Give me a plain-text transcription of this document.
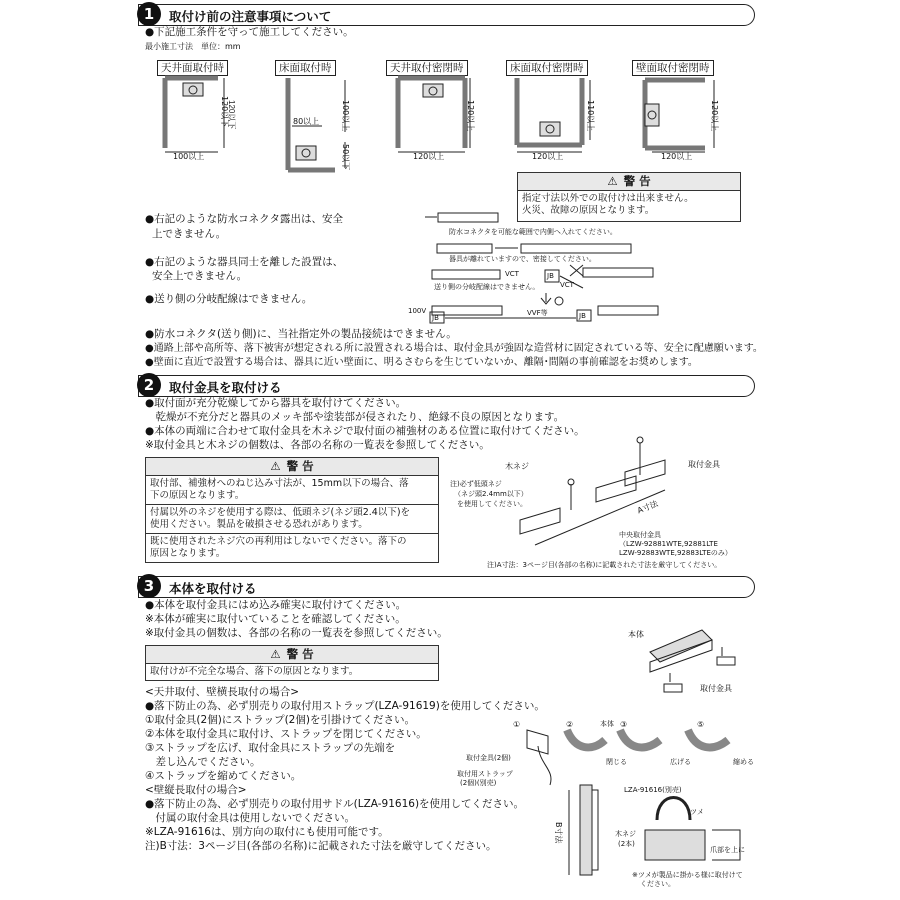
1	取付け前の注意事項について
●下記施工条件を守って施工してください。
最小施工寸法　単位：mm
天井面取付時	床面取付時	天井取付密閉時	床面取付密閉時	壁面取付密閉時
120以下
100以上
120以下	80以上	100以上
50以下
120以上
120以上
110以上
120以上
120以上
120以上
⚠ 警 告
指定寸法以外での取付けは出来ません。
火災、故障の原因となります。
●右記のような防水コネクタ露出は、安全
上できません。
●右記のような器具同士を離した設置は、
安全上できません。
●送り側の分岐配線はできません。
防水コネクタを可能な範囲で内側へ入れてください。
器具が離れていますので、密接してください。
送り側の分岐配線はできません。
VCT	JB
VCT
100V
JB
VVF等	JB
●防水コネクタ(送り側)に、当社指定外の製品接続はできません。
●通路上部や高所等、落下被害が想定される所に設置される場合は、取付金具が強固な造営材に固定されている等、安全に配慮願います。
●壁面に直近で設置する場合は、器具に近い壁面に、明るさむらを生じていないか、離隔･間隔の事前確認をお奨めします。
2	取付金具を取付ける
●取付面が充分乾燥してから器具を取付けてください。
　乾燥が不充分だと器具のメッキ部や塗装部が侵されたり、絶縁不良の原因となります。
●本体の両端に合わせて取付金具を木ネジで取付面の補強材のある位置に取付けてください。
※取付金具と木ネジの個数は、各部の名称の一覧表を参照してください。
⚠ 警 告
取付部、補強材へのねじ込み寸法が、15mm以下の場合、落
下の原因となります。
付属以外のネジを使用する際は、低頭ネジ(ネジ頭2.4以下)を
使用ください。製品を破損させる恐れがあります。
既に使用されたネジ穴の再利用はしないでください。落下の
原因となります。
木ネジ	取付金具
注)必ず低頭ネジ
（ネジ頭2.4mm以下）
を使用してください。	A寸法
中央取付金具
（LZW-92881WTE,92881LTE
LZW-92883WTE,92883LTEのみ）
注)A寸法：3ページ目(各部の名称)に記載された寸法を厳守してください。
3	本体を取付ける
●本体を取付金具にはめ込み確実に取付けてください。
※本体が確実に取付いていることを確認してください。
※取付金具の個数は、各部の名称の一覧表を参照してください。
⚠ 警 告
取付けが不完全な場合、落下の原因となります。
本体
取付金具
<天井取付、壁横長取付の場合>
●落下防止の為、必ず別売りの取付用ストラップ(LZA-91619)を使用してください。
①取付金具(2個)にストラップ(2個)を引掛けてください。
②本体を取付金具に取付け、ストラップを閉じてください。
③ストラップを広げ、取付金具にストラップの先端を
　差し込んでください。
④ストラップを縮めてください。
<壁縦長取付の場合>
●落下防止の為、必ず別売りの取付用サドル(LZA-91616)を使用してください。
　付属の取付金具は使用しないでください。
※LZA-91616は、別方向の取付にも使用可能です。
注)B寸法：3ページ目(各部の名称)に記載された寸法を厳守してください。
①	②	③	⑤
取付金具(2個)
取付用ストラップ
(2個)(別売)
本体
閉じる	広げる	縮める
LZA-91616(別売)
B寸法	木ネジ
(2本)
ツメ
爪部を上に
※ツメが製品に掛かる様に取付けて
ください。
